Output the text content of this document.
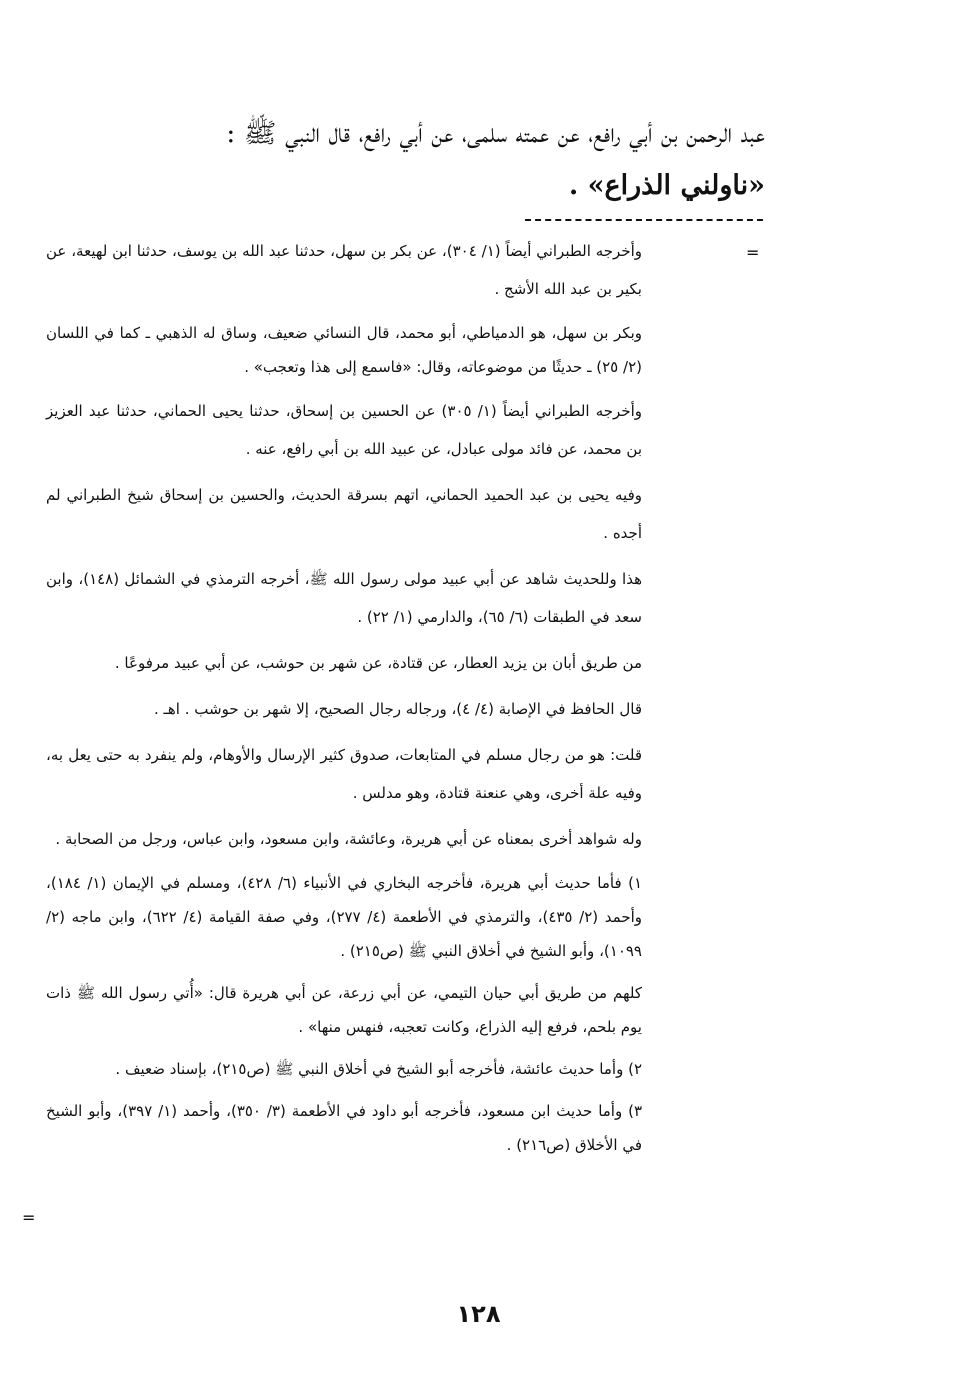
عبد الرحمن بن أبي رافع، عن عمته سلمى، عن أبي رافع، قال النبي ﷺ :
«ناولني الذراع» .
=

وأخرجه الطبراني أيضاً (١/ ٣٠٤)، عن بكر بن سهل، حدثنا عبد الله بن يوسف، حدثنا ابن لهيعة، عن بكير بن عبد الله الأشج .

وبكر بن سهل، هو الدمياطي، أبو محمد، قال النسائي ضعيف، وساق له الذهبي ـ كما في اللسان (٢/ ٢٥) ـ حديثًا من موضوعاته، وقال: «فاسمع إلى هذا وتعجب» .

وأخرجه الطبراني أيضاً (١/ ٣٠٥) عن الحسين بن إسحاق، حدثنا يحيى الحماني، حدثنا عبد العزيز بن محمد، عن فائد مولى عبادل، عن عبيد الله بن أبي رافع، عنه .

وفيه يحيى بن عبد الحميد الحماني، اتهم بسرقة الحديث، والحسين بن إسحاق شيخ الطبراني لم أجده .

هذا وللحديث شاهد عن أبي عبيد مولى رسول الله ﷺ، أخرجه الترمذي في الشمائل (١٤٨)، وابن سعد في الطبقات (٦/ ٦٥)، والدارمي (١/ ٢٢) .

من طريق أبان بن يزيد العطار، عن قتادة، عن شهر بن حوشب، عن أبي عبيد مرفوعًا .

قال الحافظ في الإصابة (٤/ ٤)، ورجاله رجال الصحيح، إلا شهر بن حوشب . اهـ .

قلت: هو من رجال مسلم في المتابعات، صدوق كثير الإرسال والأوهام، ولم ينفرد به حتى يعل به، وفيه علة أخرى، وهي عنعنة قتادة، وهو مدلس .

وله شواهد أخرى بمعناه عن أبي هريرة، وعائشة، وابن مسعود، وابن عباس، ورجل من الصحابة .

١) فأما حديث أبي هريرة، فأخرجه البخاري في الأنبياء (٦/ ٤٢٨)، ومسلم في الإيمان (١/ ١٨٤)، وأحمد (٢/ ٤٣٥)، والترمذي في الأطعمة (٤/ ٢٧٧)، وفي صفة القيامة (٤/ ٦٢٢)، وابن ماجه (٢/ ١٠٩٩)، وأبو الشيخ في أخلاق النبي ﷺ (ص٢١٥) .

كلهم من طريق أبي حيان التيمي، عن أبي زرعة، عن أبي هريرة قال: «أُتي رسول الله ﷺ ذات يوم بلحم، فرفع إليه الذراع، وكانت تعجبه، فنهس منها» .

٢) وأما حديث عائشة، فأخرجه أبو الشيخ في أخلاق النبي ﷺ (ص٢١٥)، بإسناد ضعيف .

٣) وأما حديث ابن مسعود، فأخرجه أبو داود في الأطعمة (٣/ ٣٥٠)، وأحمد (١/ ٣٩٧)، وأبو الشيخ في الأخلاق (ص٢١٦) .

=
١٢٨
